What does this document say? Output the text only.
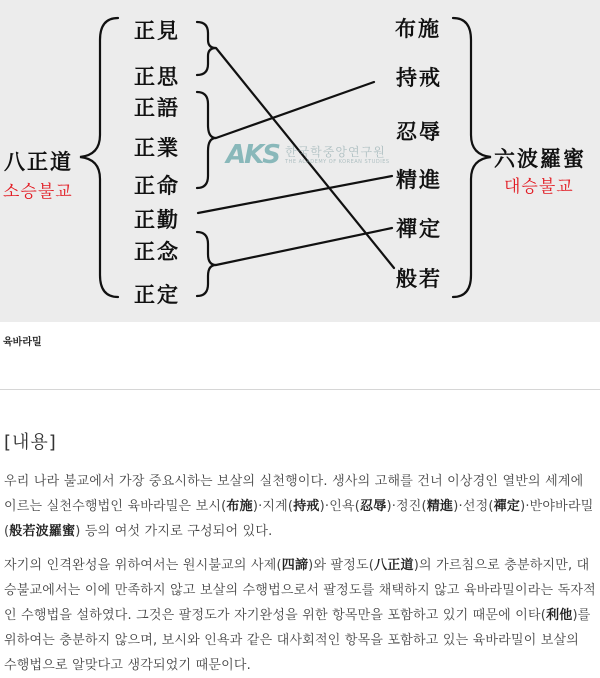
八正道
소승불교
正見
正思
正語
正業
正命
正勤
正念
正定
布施
持戒
忍辱
精進
禪定
般若
六波羅蜜
대승불교
AKS 한국학중앙연구원
THE ACADEMY OF KOREAN STUDIES
육바라밀
[내용]

우리 나라 불교에서 가장 중요시하는 보살의 실천행이다. 생사의 고해를 건너 이상경인 열반의 세계에 이르는 실천수행법인 육바라밀은 보시(布施)·지계(持戒)·인욕(忍辱)·정진(精進)·선정(禪定)·반야바라밀(般若波羅蜜) 등의 여섯 가지로 구성되어 있다.

자기의 인격완성을 위하여서는 원시불교의 사제(四諦)와 팔정도(八正道)의 가르침으로 충분하지만, 대승불교에서는 이에 만족하지 않고 보살의 수행법으로서 팔정도를 채택하지 않고 육바라밀이라는 독자적인 수행법을 설하였다. 그것은 팔정도가 자기완성을 위한 항목만을 포함하고 있기 때문에 이타(利他)를 위하여는 충분하지 않으며, 보시와 인욕과 같은 대사회적인 항목을 포함하고 있는 육바라밀이 보살의 수행법으로 알맞다고 생각되었기 때문이다.
